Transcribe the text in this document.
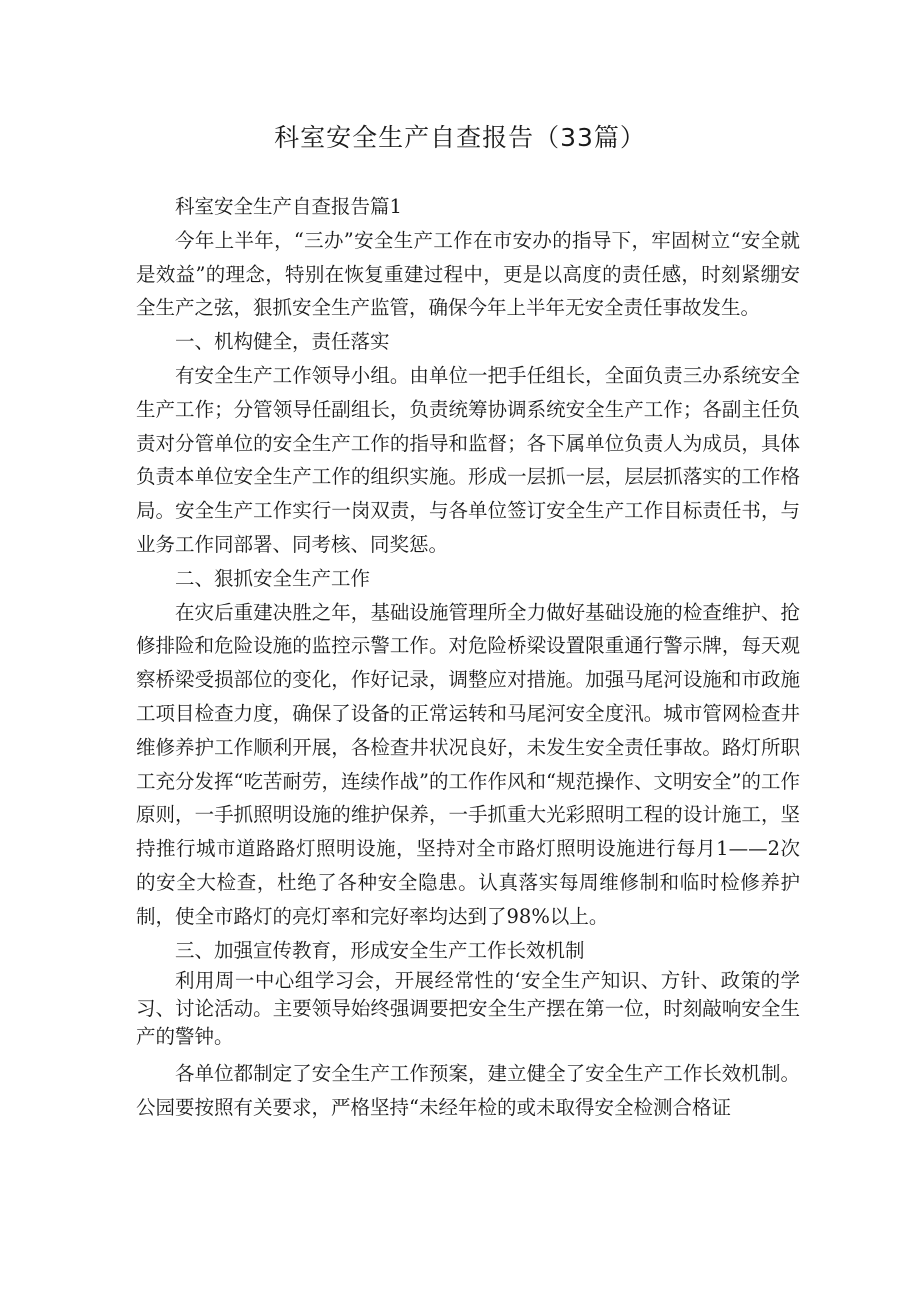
科室安全生产自查报告（33篇）

科室安全生产自查报告篇1

今年上半年，“三办”安全生产工作在市安办的指导下，牢固树立“安全就是效益”的理念，特别在恢复重建过程中，更是以高度的责任感，时刻紧绷安全生产之弦，狠抓安全生产监管，确保今年上半年无安全责任事故发生。

一、机构健全，责任落实

有安全生产工作领导小组。由单位一把手任组长，全面负责三办系统安全生产工作；分管领导任副组长，负责统筹协调系统安全生产工作；各副主任负责对分管单位的安全生产工作的指导和监督；各下属单位负责人为成员，具体负责本单位安全生产工作的组织实施。形成一层抓一层，层层抓落实的工作格局。安全生产工作实行一岗双责，与各单位签订安全生产工作目标责任书，与业务工作同部署、同考核、同奖惩。

二、狠抓安全生产工作

在灾后重建决胜之年，基础设施管理所全力做好基础设施的检查维护、抢修排险和危险设施的监控示警工作。对危险桥梁设置限重通行警示牌，每天观察桥梁受损部位的变化，作好记录，调整应对措施。加强马尾河设施和市政施工项目检查力度，确保了设备的正常运转和马尾河安全度汛。城市管网检查井维修养护工作顺利开展，各检查井状况良好，未发生安全责任事故。路灯所职工充分发挥“吃苦耐劳，连续作战”的工作作风和“规范操作、文明安全”的工作原则，一手抓照明设施的维护保养，一手抓重大光彩照明工程的设计施工，坚持推行城市道路路灯照明设施，坚持对全市路灯照明设施进行每月1——2次的安全大检查，杜绝了各种安全隐患。认真落实每周维修制和临时检修养护制，使全市路灯的亮灯率和完好率均达到了98%以上。

三、加强宣传教育，形成安全生产工作长效机制

利用周一中心组学习会，开展经常性的‘安全生产知识、方针、政策的学习、讨论活动。主要领导始终强调要把安全生产摆在第一位，时刻敲响安全生产的警钟。

各单位都制定了安全生产工作预案，建立健全了安全生产工作长效机制。公园要按照有关要求，严格坚持“未经年检的或未取得安全检测合格证
